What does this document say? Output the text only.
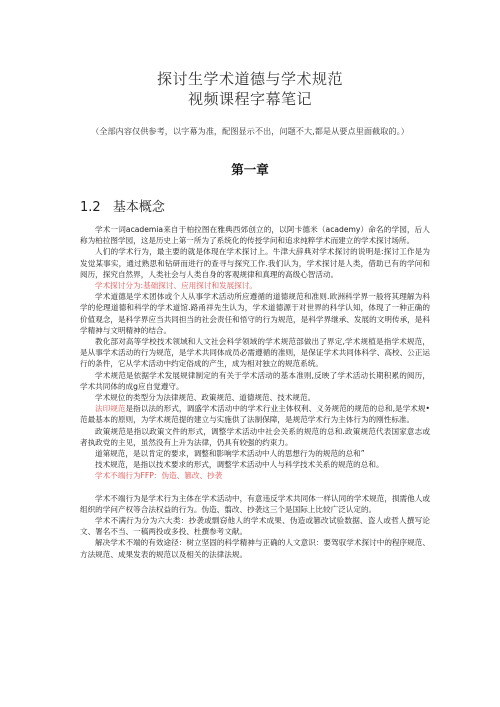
探讨生学术道德与学术规范
视频课程字幕笔记
（全部内容仅供参考，以字幕为准，配图显示不出，问题不大,都是从要点里面截取的。）
第一章
1.2 基本概念

学术一词academia来自于柏拉图在雅典西郊创立的，以阿卡德米（academy）命名的学园，后人称为柏拉图学园，这是历史上第一所为了系统化的传授学问和追求纯粹学术而建立的学术探讨场所。

人们的学术行为，最主要的就是体现在学术探讨上。牛津大辞典对学术探讨的说明是:探讨工作是为发觉某事实，通过熟思和钻研而进行的查寻与探究工作.我们认为，学术探讨是人类，借助已有的学问和阅历，探究自然界，人类社会与人类自身的客观规律和真理的高级心智活动。

学术探讨分为:基础探讨、应用探讨和发展探讨。

学术道德是学术团体或个人从事学术活动所应遵循的道德规范和准则.欧洲科学界一般将其理解为科学的伦理道德和科学的学术道馆.路甬祥先生认为，学术道德源于对世界的科学认知，体现了一种正确的价值观念，是科学界应当共同担当的社会责任和悟守的行为规范，是科学界继承、发展的文明传承，是科学精神与文明精神的结合。

教化部对高等学校技术领域和人文社会科学领域的学术规范部做出了界定,学术规植是指学术规范，是从事学术活动的行为规范，是学术共同体成员必需遵循的准则，是保证学术共同体科学、高校、公正运行的条件，它从学术活动中约定俗成的产生，成为相对独立的规范系统。

学术规范是依据学术发展规律制定的有关于学术活动的基本准则,反映了学术活动长期积累的阅历，学术共同体的成g应自觉遵守。

学术规位的类型分为法律规范、政策规范、道德规范、技术规范。

法印规范是指以法的形式，调盛学术活动中的学术行业主体权利、义务规范的规范的总和,是学术规•范最基本的原则，为学术规范提的建立与实施供了法制保障，是规范学术行为主体行为的刚性标准。

政策规范是指以政策文件的形式，调整学术活动中社会关系的规范的总和.政策规范代表国家意志或者执政党的主见，虽然没有上升为法律，仍具有较强的约束力。

道第规范，是以肯定的要求，调整和影响学术活动中人的思想行为的规范的总和”

技术规范，是指以技术要求的形式，调整学术活动中人与科学技术关系的规范的总和。

学术不端行为FFP：伪造、篡改、抄袭

学术不端行为是学术行为主体在学术活动中，有意违反学术共同体一样认同的学术规范，损需他人或组织的学问产权等合法权益的行为。伪造、翦改、抄袭这三个是国际上比较广泛认定的。

学术不满行为分为六大类：抄袭或剽窃他人的学术成果、伪造或篡改试验数据、盗人或哲人撰写论文、署名不当、一稿两投或多投、杜撰参考文献。

解决学术不端的有效途径：树立坚固的科学精神与正确的人文意识：要驾驭学术探讨中的程序规范、方法规范、成果发表的规范以及相关的法律法规。
